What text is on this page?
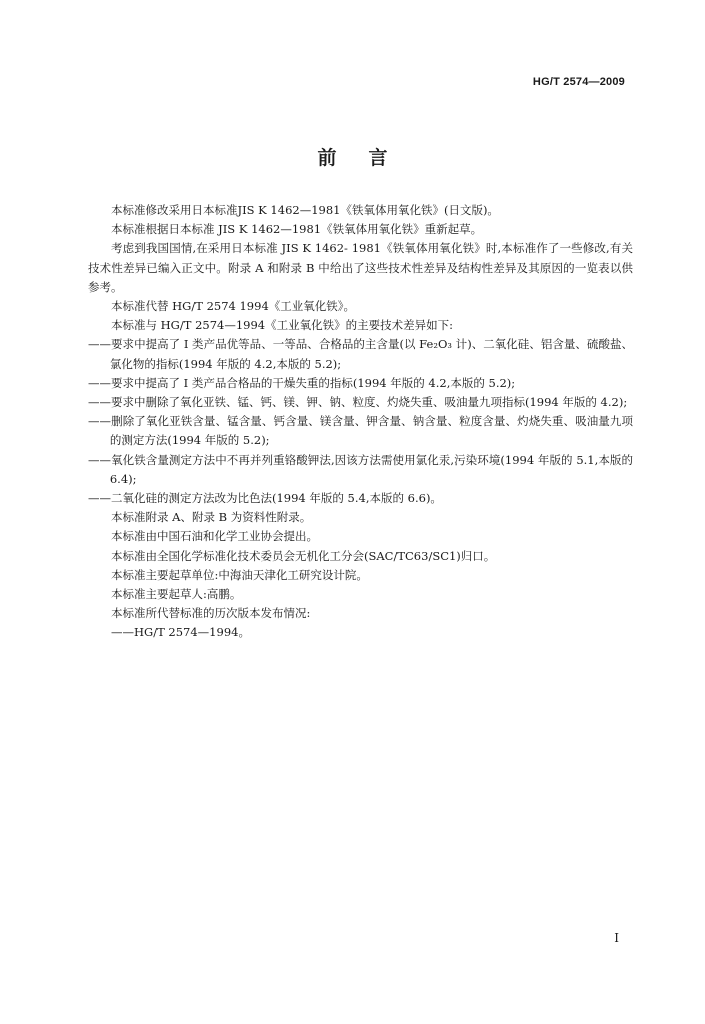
HG/T 2574—2009
前言

本标准修改采用日本标准JIS K 1462—1981《铁氧体用氧化铁》(日文版)。

本标准根据日本标准 JIS K 1462—1981《铁氧体用氧化铁》重新起草。

考虑到我国国情,在采用日本标准 JIS K 1462- 1981《铁氧体用氧化铁》时,本标准作了一些修改,有关技术性差异已编入正文中。附录 A 和附录 B 中给出了这些技术性差异及结构性差异及其原因的一览表以供参考。

本标准代替 HG/T 2574 1994《工业氧化铁》。

本标准与 HG/T 2574—1994《工业氧化铁》的主要技术差异如下:

——要求中提高了 I 类产品优等品、一等品、合格品的主含量(以 Fe₂O₃ 计)、二氧化硅、铝含量、硫酸盐、氯化物的指标(1994 年版的 4.2,本版的 5.2);

——要求中提高了 I 类产品合格品的干燥失重的指标(1994 年版的 4.2,本版的 5.2);

——要求中删除了氧化亚铁、锰、钙、镁、钾、钠、粒度、灼烧失重、吸油量九项指标(1994 年版的 4.2);

——删除了氧化亚铁含量、锰含量、钙含量、镁含量、钾含量、钠含量、粒度含量、灼烧失重、吸油量九项的测定方法(1994 年版的 5.2);

——氧化铁含量测定方法中不再并列重铬酸钾法,因该方法需使用氯化汞,污染环境(1994 年版的 5.1,本版的 6.4);

——二氧化硅的测定方法改为比色法(1994 年版的 5.4,本版的 6.6)。

本标准附录 A、附录 B 为资料性附录。

本标准由中国石油和化学工业协会提出。

本标准由全国化学标准化技术委员会无机化工分会(SAC/TC63/SC1)归口。

本标准主要起草单位:中海油天津化工研究设计院。

本标准主要起草人:高鹏。

本标准所代替标准的历次版本发布情况:

——HG/T 2574—1994。

I
